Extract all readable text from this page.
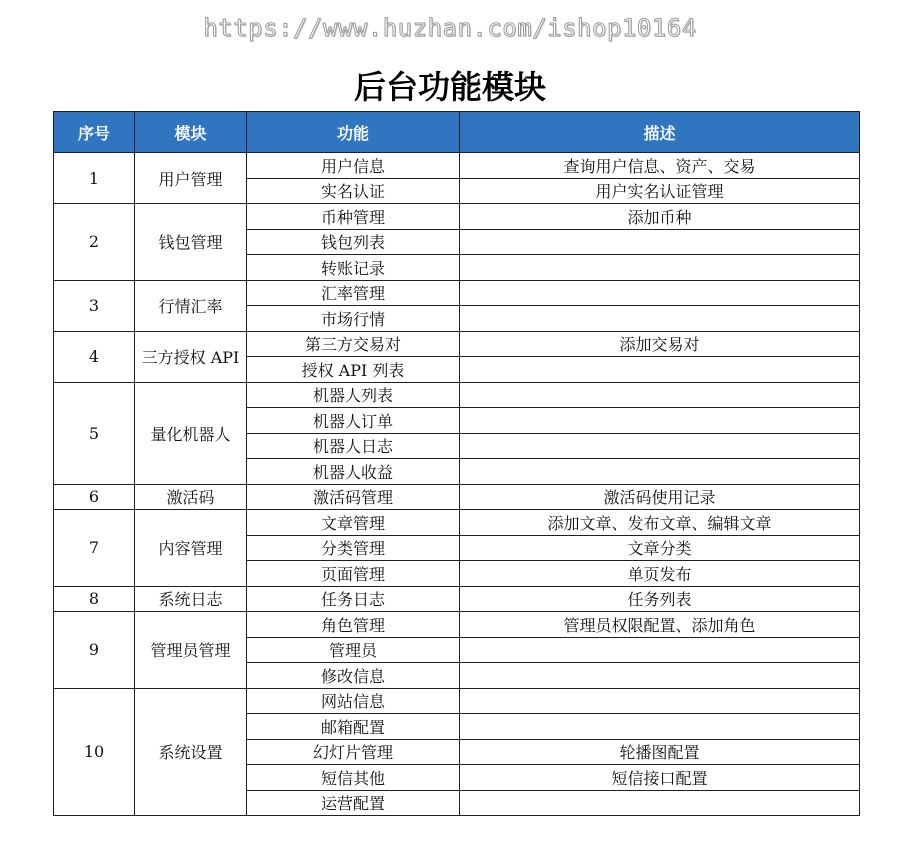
https://www.huzhan.com/ishop10164
后台功能模块
序号	模块	功能	描述
1	用户管理	用户信息	查询用户信息、资产、交易
		实名认证	用户实名认证管理
2	钱包管理	币种管理	添加币种
		钱包列表	
		转账记录	
3	行情汇率	汇率管理	
		市场行情	
4	三方授权 API	第三方交易对	添加交易对
		授权 API 列表	
5	量化机器人	机器人列表	
		机器人订单	
		机器人日志	
		机器人收益	
6	激活码	激活码管理	激活码使用记录
7	内容管理	文章管理	添加文章、发布文章、编辑文章
		分类管理	文章分类
		页面管理	单页发布
8	系统日志	任务日志	任务列表
9	管理员管理	角色管理	管理员权限配置、添加角色
		管理员	
		修改信息	
10	系统设置	网站信息	
		邮箱配置	
		幻灯片管理	轮播图配置
		短信其他	短信接口配置
		运营配置	
